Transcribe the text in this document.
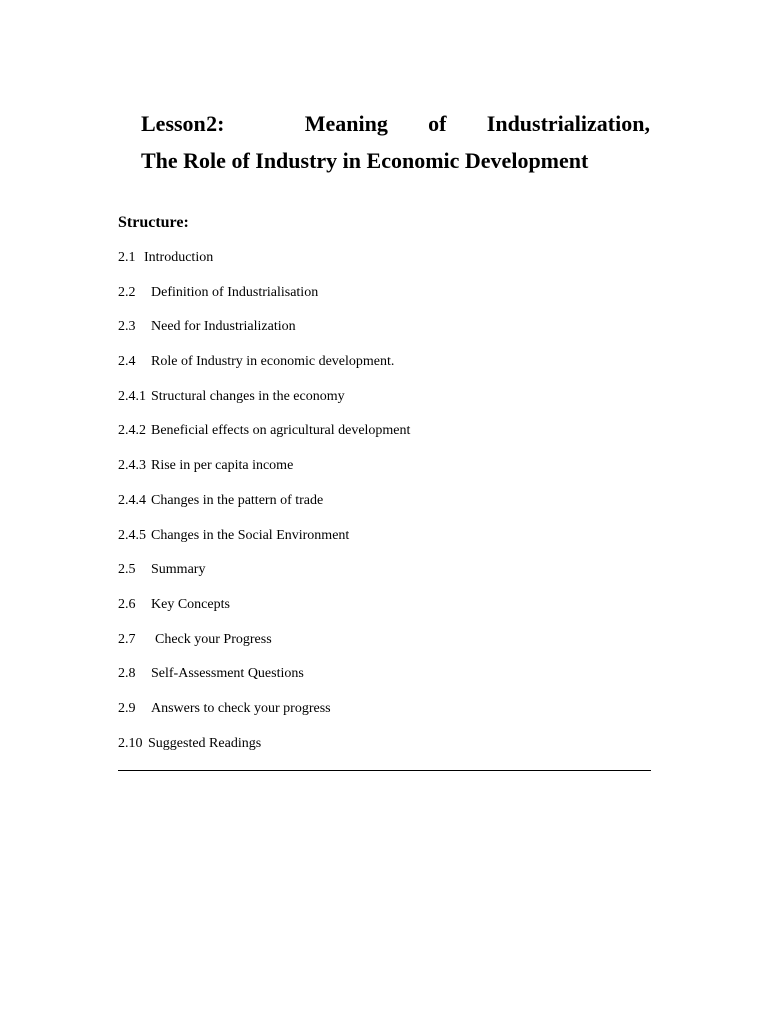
Lesson 2:	Meaning of Industrialization,
The Role of Industry in Economic Development
Structure:
2.1 Introduction
2.2	Definition of Industrialisation
2.3	Need for Industrialization
2.4	Role of Industry in economic development.
2.4.1 Structural changes in the economy
2.4.2 Beneficial effects on agricultural development
2.4.3 Rise in per capita income
2.4.4 Changes in the pattern of trade
2.4.5 Changes in the Social Environment
2.5	Summary
2.6	Key Concepts
2.7	Check your Progress
2.8	Self-Assessment Questions
2.9	Answers to check your progress
2.10 Suggested Readings
